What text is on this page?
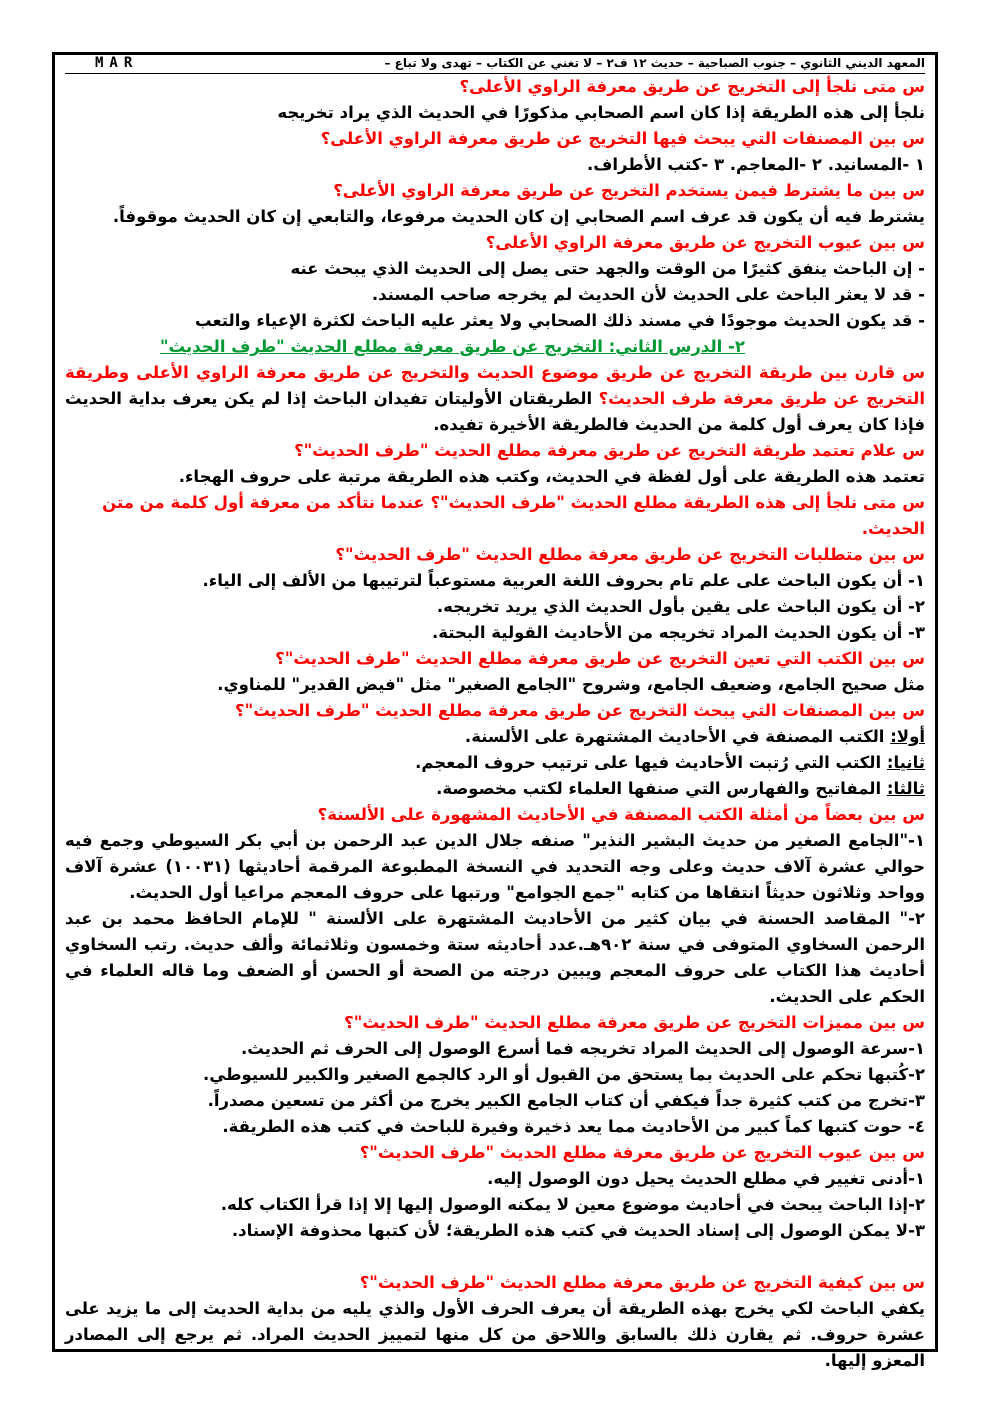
المعهد الديني الثانوي – جنوب الصباحية – حديث ١٢ ف٢ – لا تغني عن الكتاب – تهدى ولا تباع –
MAR

س متى نلجأ إلى التخريج عن طريق معرفة الراوي الأعلى؟

نلجأ إلى هذه الطريقة إذا كان اسم الصحابي مذكورًا في الحديث الذي يراد تخريجه

س بين المصنفات التي يبحث فيها التخريج عن طريق معرفة الراوي الأعلى؟

١ -المسانيد. ٢ -المعاجم. ٣ -كتب الأطراف.

س بين ما يشترط فيمن يستخدم التخريج عن طريق معرفة الراوي الأعلى؟

يشترط فيه أن يكون قد عرف اسم الصحابي إن كان الحديث مرفوعا، والتابعي إن كان الحديث موقوفاً.

س بين عيوب التخريج عن طريق معرفة الراوي الأعلى؟

- إن الباحث ينفق كثيرًا من الوقت والجهد حتى يصل إلى الحديث الذي يبحث عنه

- قد لا يعثر الباحث على الحديث لأن الحديث لم يخرجه صاحب المسند.

- قد يكون الحديث موجودًا في مسند ذلك الصحابي ولا يعثر عليه الباحث لكثرة الإعياء والتعب

٢- الدرس الثاني: التخريج عن طريق معرفة مطلع الحديث "طرف الحديث"

س قارن بين طريقة التخريج عن طريق موضوع الحديث والتخريج عن طريق معرفة الراوي الأعلى وطريقة التخريج عن طريق معرفة طرف الحديث؟ الطريقتان الأوليتان تفيدان الباحث إذا لم يكن يعرف بداية الحديث فإذا كان يعرف أول كلمة من الحديث فالطريقة الأخيرة تفيده.

س علام تعتمد طريقة التخريج عن طريق معرفة مطلع الحديث "طرف الحديث"؟

تعتمد هذه الطريقة على أول لفظة في الحديث، وكتب هذه الطريقة مرتبة على حروف الهجاء.

س متى نلجأ إلى هذه الطريقة مطلع الحديث "طرف الحديث"؟ عندما نتأكد من معرفة أول كلمة من متن الحديث.

س بين متطلبات التخريج عن طريق معرفة مطلع الحديث "طرف الحديث"؟

١- أن يكون الباحث على علم تام بحروف اللغة العربية مستوعباً لترتيبها من الألف إلى الياء.

٢- أن يكون الباحث على يقين بأول الحديث الذي يريد تخريجه.

٣- أن يكون الحديث المراد تخريجه من الأحاديث القولية البحتة.

س بين الكتب التي تعين التخريج عن طريق معرفة مطلع الحديث "طرف الحديث"؟

مثل صحيح الجامع، وضعيف الجامع، وشروح "الجامع الصغير" مثل "فيض القدير" للمناوي.

س بين المصنفات التي يبحث التخريج عن طريق معرفة مطلع الحديث "طرف الحديث"؟

أولا: الكتب المصنفة في الأحاديث المشتهرة على الألسنة.

ثانيا: الكتب التي رُتبت الأحاديث فيها على ترتيب حروف المعجم.

ثالثا: المفاتيح والفهارس التي صنفها العلماء لكتب مخصوصة.

س بين بعضاً من أمثلة الكتب المصنفة في الأحاديث المشهورة على الألسنة؟

١-"الجامع الصغير من حديث البشير النذير" صنفه جلال الدين عبد الرحمن بن أبي بكر السيوطي وجمع فيه حوالي عشرة آلاف حديث وعلى وجه التحديد في النسخة المطبوعة المرقمة أحاديثها (١٠٠٣١) عشرة آلاف وواحد وثلاثون حديثاً انتقاها من كتابه "جمع الجوامع" ورتبها على حروف المعجم مراعيا أول الحديث.

٢-" المقاصد الحسنة في بيان كثير من الأحاديث المشتهرة على الألسنة " للإمام الحافظ محمد بن عبد الرحمن السخاوي المتوفى في سنة ٩٠٢هـ.عدد أحاديثه ستة وخمسون وثلاثمائة وألف حديث. رتب السخاوي أحاديث هذا الكتاب على حروف المعجم ويبين درجته من الصحة أو الحسن أو الضعف وما قاله العلماء في الحكم على الحديث.

س بين مميزات التخريج عن طريق معرفة مطلع الحديث "طرف الحديث"؟

١-سرعة الوصول إلى الحديث المراد تخريجه فما أسرع الوصول إلى الحرف ثم الحديث.

٢-كُتبها تحكم على الحديث بما يستحق من القبول أو الرد كالجمع الصغير والكبير للسيوطي.

٣-تخرج من كتب كثيرة جداً فيكفي أن كتاب الجامع الكبير يخرج من أكثر من تسعين مصدراً.

٤- حوت كتبها كماً كبير من الأحاديث مما يعد ذخيرة وفيرة للباحث في كتب هذه الطريقة.

س بين عيوب التخريج عن طريق معرفة مطلع الحديث "طرف الحديث"؟

١-أدنى تغيير في مطلع الحديث يحيل دون الوصول إليه.

٢-إذا الباحث يبحث في أحاديث موضوع معين لا يمكنه الوصول إليها إلا إذا قرأ الكتاب كله.

٣-لا يمكن الوصول إلى إسناد الحديث في كتب هذه الطريقة؛ لأن كتبها محذوفة الإسناد.

س بين كيفية التخريج عن طريق معرفة مطلع الحديث "طرف الحديث"؟

يكفي الباحث لكي يخرج بهذه الطريقة أن يعرف الحرف الأول والذي يليه من بداية الحديث إلى ما يزيد على عشرة حروف. ثم يقارن ذلك بالسابق واللاحق من كل منها لتمييز الحديث المراد. ثم يرجع إلى المصادر المعزو إليها.
